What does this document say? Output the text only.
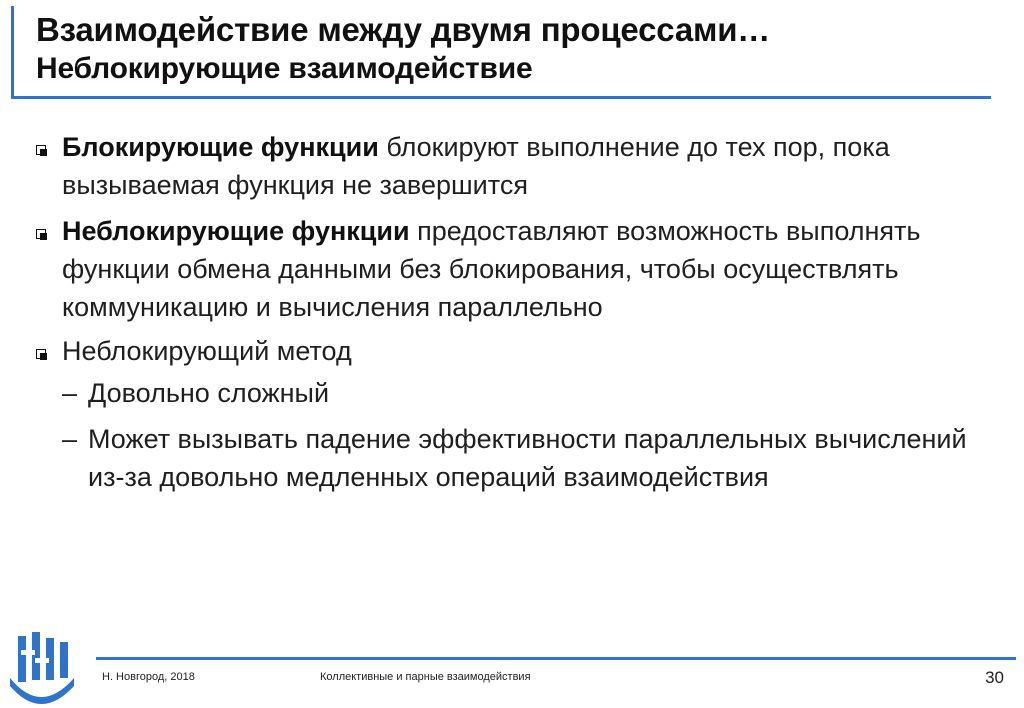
Взаимодействие между двумя процессами…
Неблокирующие взаимодействие

Блокирующие функции блокируют выполнение до тех пор, пока вызываемая функция не завершится

Неблокирующие функции предоставляют возможность выполнять функции обмена данными без блокирования, чтобы осуществлять коммуникацию и вычисления параллельно

Неблокирующий метод

– Довольно сложный
– Может вызывать падение эффективности параллельных вычислений из-за довольно медленных операций взаимодействия
Н. Новгород, 2018	Коллективные и парные взаимодействия	30
